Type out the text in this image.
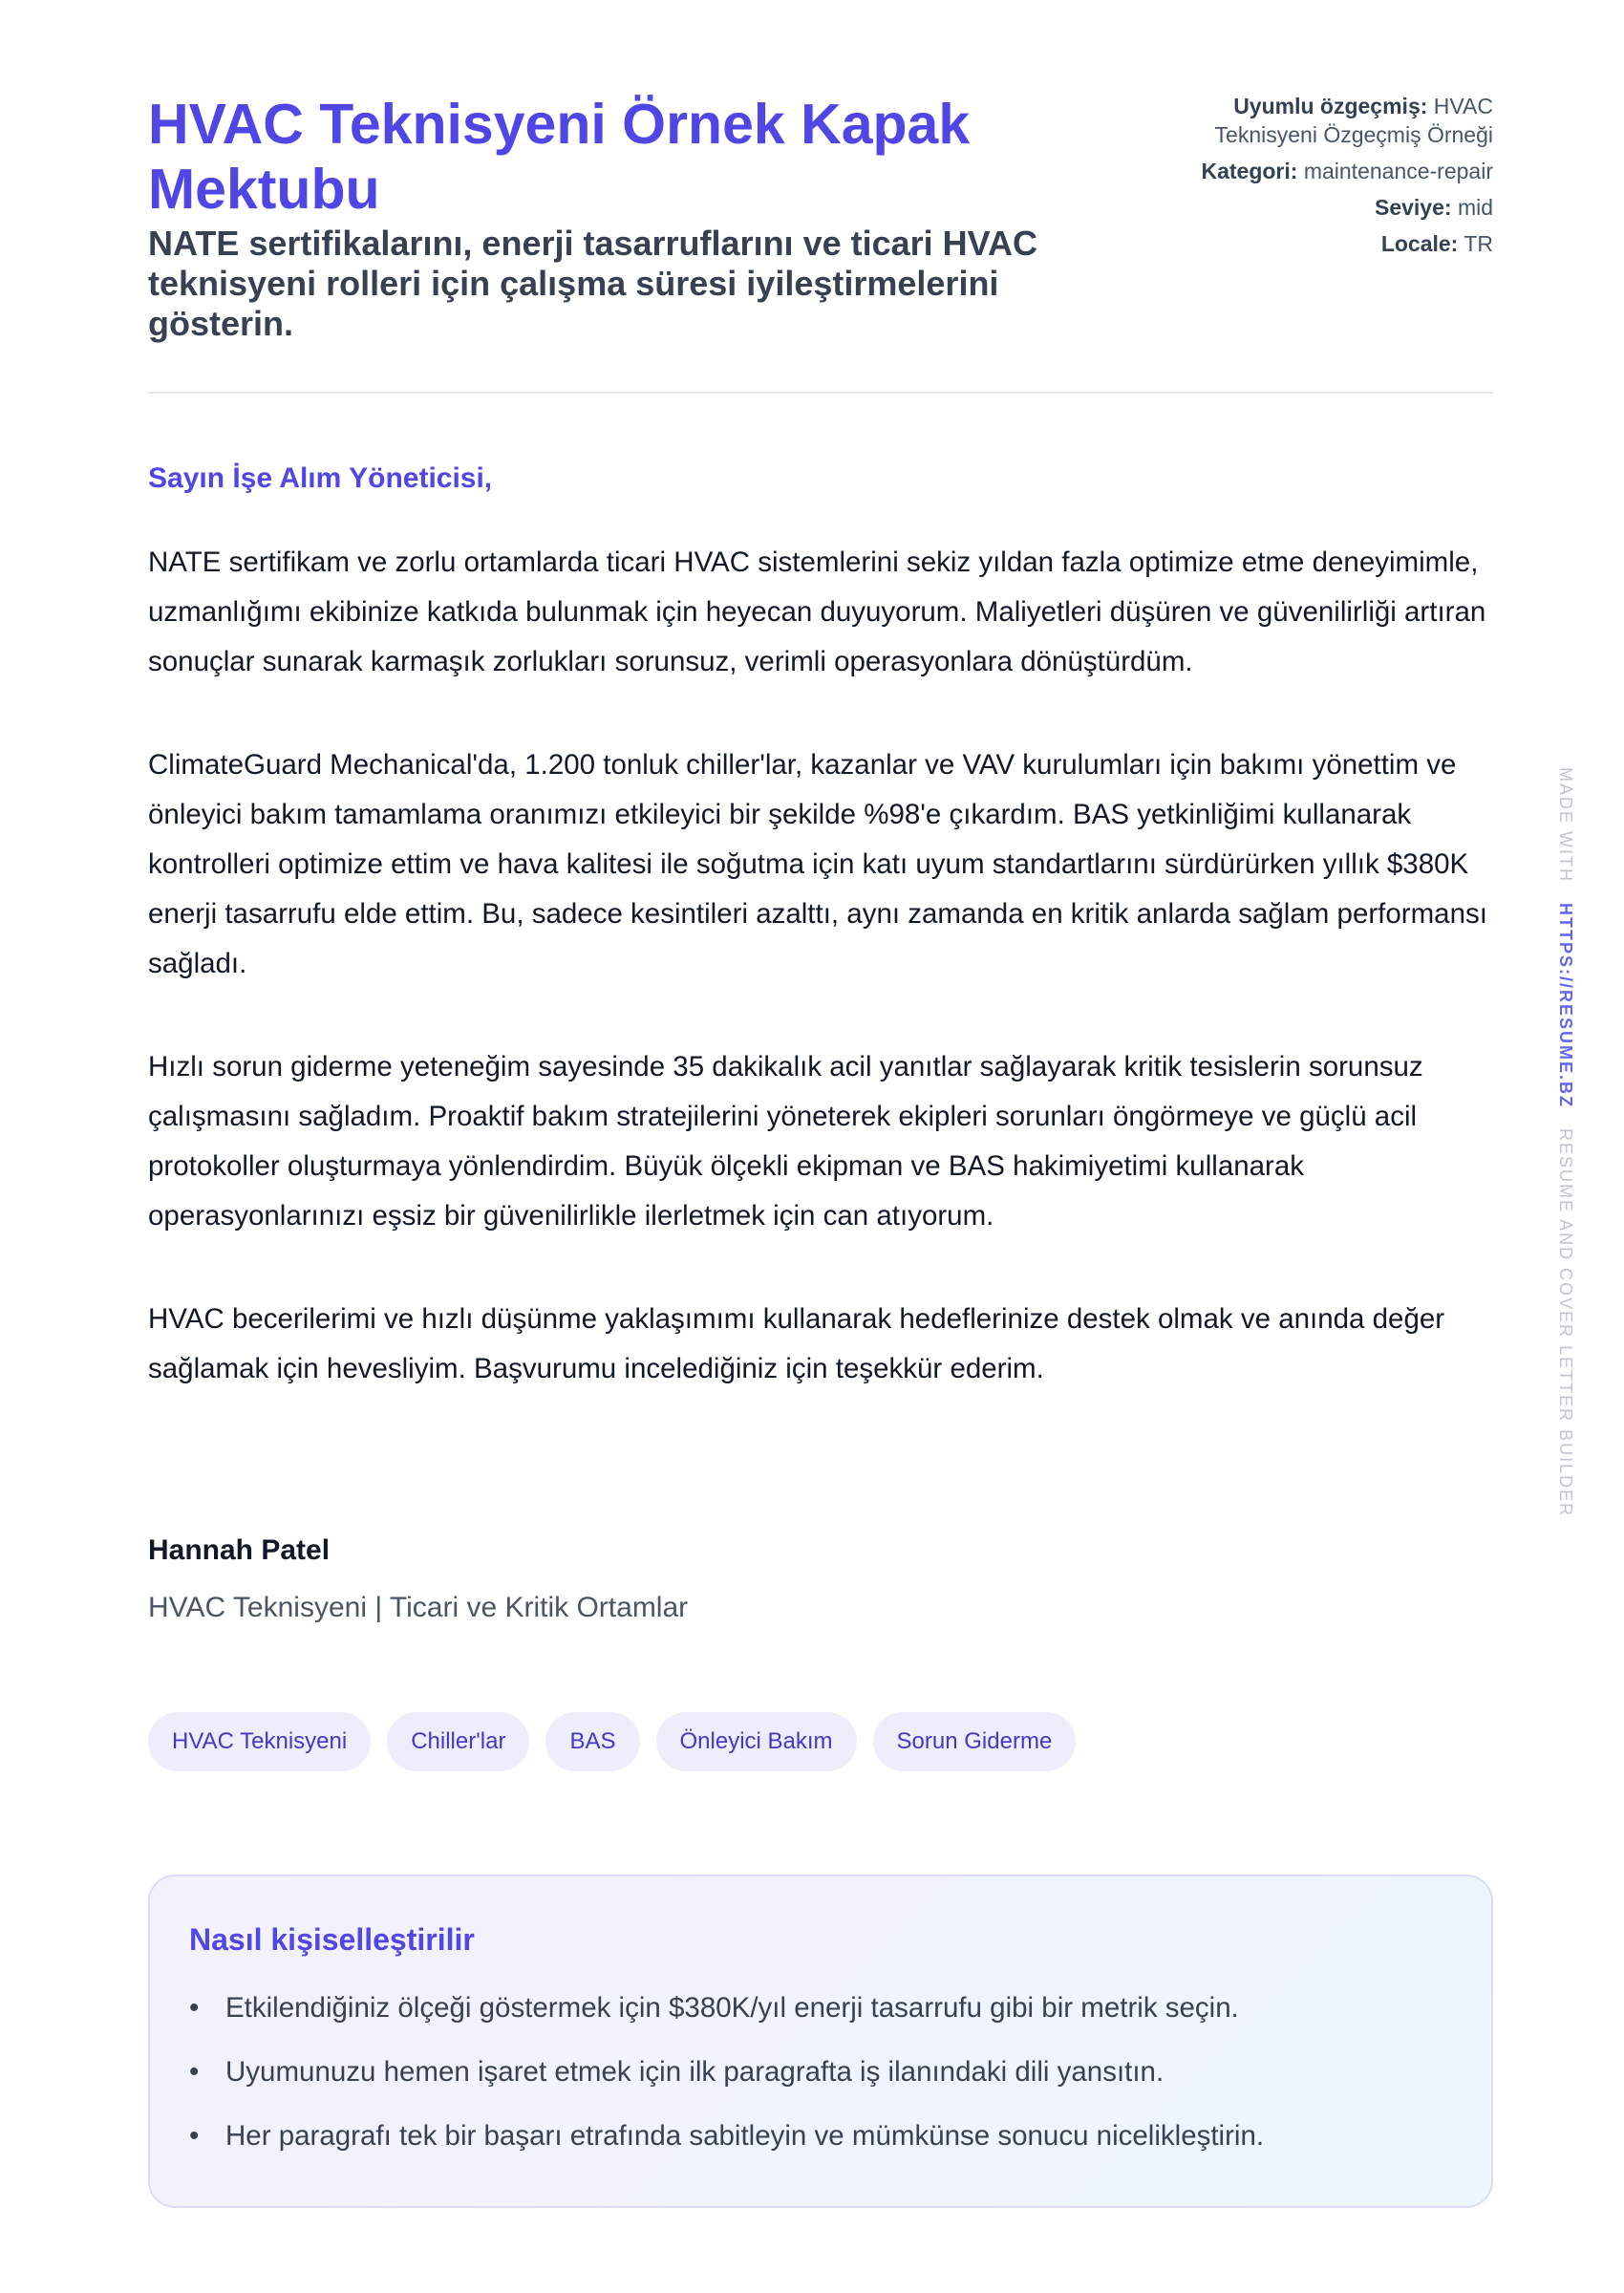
HVAC Teknisyeni Örnek Kapak Mektubu
NATE sertifikalarını, enerji tasarruflarını ve ticari HVAC teknisyeni rolleri için çalışma süresi iyileştirmelerini gösterin.
Uyumlu özgeçmiş: HVAC Teknisyeni Özgeçmiş Örneği
Kategori: maintenance-repair
Seviye: mid
Locale: TR
Sayın İşe Alım Yöneticisi,

NATE sertifikam ve zorlu ortamlarda ticari HVAC sistemlerini sekiz yıldan fazla optimize etme deneyimimle, uzmanlığımı ekibinize katkıda bulunmak için heyecan duyuyorum. Maliyetleri düşüren ve güvenilirliği artıran sonuçlar sunarak karmaşık zorlukları sorunsuz, verimli operasyonlara dönüştürdüm.

ClimateGuard Mechanical'da, 1.200 tonluk chiller'lar, kazanlar ve VAV kurulumları için bakımı yönettim ve önleyici bakım tamamlama oranımızı etkileyici bir şekilde %98'e çıkardım. BAS yetkinliğimi kullanarak kontrolleri optimize ettim ve hava kalitesi ile soğutma için katı uyum standartlarını sürdürürken yıllık $380K enerji tasarrufu elde ettim. Bu, sadece kesintileri azalttı, aynı zamanda en kritik anlarda sağlam performansı sağladı.

Hızlı sorun giderme yeteneğim sayesinde 35 dakikalık acil yanıtlar sağlayarak kritik tesislerin sorunsuz çalışmasını sağladım. Proaktif bakım stratejilerini yöneterek ekipleri sorunları öngörmeye ve güçlü acil protokoller oluşturmaya yönlendirdim. Büyük ölçekli ekipman ve BAS hakimiyetimi kullanarak operasyonlarınızı eşsiz bir güvenilirlikle ilerletmek için can atıyorum.

HVAC becerilerimi ve hızlı düşünme yaklaşımımı kullanarak hedeflerinize destek olmak ve anında değer sağlamak için hevesliyim. Başvurumu incelediğiniz için teşekkür ederim.

Hannah Patel
HVAC Teknisyeni | Ticari ve Kritik Ortamlar
HVAC Teknisyeni	Chiller'lar	BAS	Önleyici Bakım	Sorun Giderme
Nasıl kişiselleştirilir
• Etkilendiğiniz ölçeği göstermek için $380K/yıl enerji tasarrufu gibi bir metrik seçin.
• Uyumunuzu hemen işaret etmek için ilk paragrafta iş ilanındaki dili yansıtın.
• Her paragrafı tek bir başarı etrafında sabitleyin ve mümkünse sonucu nicelikleştirin.
MADE WITH   HTTPS://RESUME.BZ   RESUME AND COVER LETTER BUILDER
